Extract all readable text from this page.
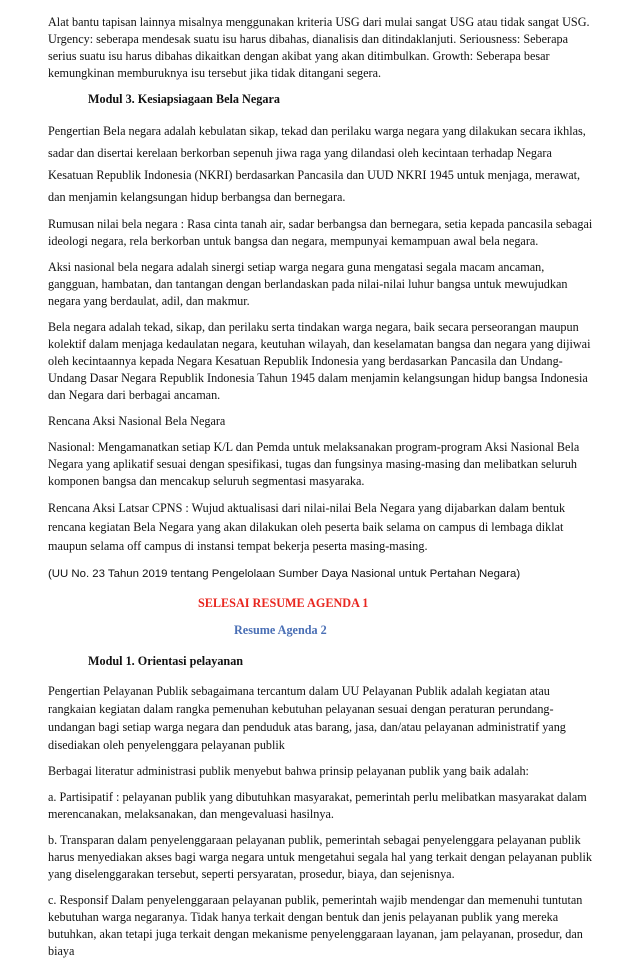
Alat bantu tapisan lainnya misalnya menggunakan kriteria USG dari mulai sangat USG atau tidak sangat USG. Urgency: seberapa mendesak suatu isu harus dibahas, dianalisis dan ditindaklanjuti. Seriousness: Seberapa serius suatu isu harus dibahas dikaitkan dengan akibat yang akan ditimbulkan. Growth: Seberapa besar kemungkinan memburuknya isu tersebut jika tidak ditangani segera.

Modul 3. Kesiapsiagaan Bela Negara

Pengertian Bela negara adalah kebulatan sikap, tekad dan perilaku warga negara yang dilakukan secara ikhlas, sadar dan disertai kerelaan berkorban sepenuh jiwa raga yang dilandasi oleh kecintaan terhadap Negara Kesatuan Republik Indonesia (NKRI) berdasarkan Pancasila dan UUD NKRI 1945 untuk menjaga, merawat, dan menjamin kelangsungan hidup berbangsa dan bernegara.

Rumusan nilai bela negara : Rasa cinta tanah air, sadar berbangsa dan bernegara, setia kepada pancasila sebagai ideologi negara, rela berkorban untuk bangsa dan negara, mempunyai kemampuan awal bela negara.

Aksi nasional bela negara adalah sinergi setiap warga negara guna mengatasi segala macam ancaman, gangguan, hambatan, dan tantangan dengan berlandaskan pada nilai-nilai luhur bangsa untuk mewujudkan negara yang berdaulat, adil, dan makmur.

Bela negara adalah tekad, sikap, dan perilaku serta tindakan warga negara, baik secara perseorangan maupun kolektif dalam menjaga kedaulatan negara, keutuhan wilayah, dan keselamatan bangsa dan negara yang dijiwai oleh kecintaannya kepada Negara Kesatuan Republik Indonesia yang berdasarkan Pancasila dan Undang-Undang Dasar Negara Republik Indonesia Tahun 1945 dalam menjamin kelangsungan hidup bangsa Indonesia dan Negara dari berbagai ancaman.

Rencana Aksi Nasional Bela Negara

Nasional: Mengamanatkan setiap K/L dan Pemda untuk melaksanakan program-program Aksi Nasional Bela Negara yang aplikatif sesuai dengan spesifikasi, tugas dan fungsinya masing-masing dan melibatkan seluruh komponen bangsa dan mencakup seluruh segmentasi masyaraka.

Rencana Aksi Latsar CPNS : Wujud aktualisasi dari nilai-nilai Bela Negara yang dijabarkan dalam bentuk rencana kegiatan Bela Negara yang akan dilakukan oleh peserta baik selama on campus di lembaga diklat maupun selama off campus di instansi tempat bekerja peserta masing-masing.

(UU No. 23 Tahun 2019 tentang Pengelolaan Sumber Daya Nasional untuk Pertahan Negara)

SELESAI RESUME AGENDA 1

Resume Agenda 2

Modul 1. Orientasi pelayanan

Pengertian Pelayanan Publik sebagaimana tercantum dalam UU Pelayanan Publik adalah kegiatan atau rangkaian kegiatan dalam rangka pemenuhan kebutuhan pelayanan sesuai dengan peraturan perundang-undangan bagi setiap warga negara dan penduduk atas barang, jasa, dan/atau pelayanan administratif yang disediakan oleh penyelenggara pelayanan publik

Berbagai literatur administrasi publik menyebut bahwa prinsip pelayanan publik yang baik adalah:

a. Partisipatif : pelayanan publik yang dibutuhkan masyarakat, pemerintah perlu melibatkan masyarakat dalam merencanakan, melaksanakan, dan mengevaluasi hasilnya.

b. Transparan dalam penyelenggaraan pelayanan publik, pemerintah sebagai penyelenggara pelayanan publik harus menyediakan akses bagi warga negara untuk mengetahui segala hal yang terkait dengan pelayanan publik yang diselenggarakan tersebut, seperti persyaratan, prosedur, biaya, dan sejenisnya.

c. Responsif Dalam penyelenggaraan pelayanan publik, pemerintah wajib mendengar dan memenuhi tuntutan kebutuhan warga negaranya. Tidak hanya terkait dengan bentuk dan jenis pelayanan publik yang mereka butuhkan, akan tetapi juga terkait dengan mekanisme penyelenggaraan layanan, jam pelayanan, prosedur, dan biaya
